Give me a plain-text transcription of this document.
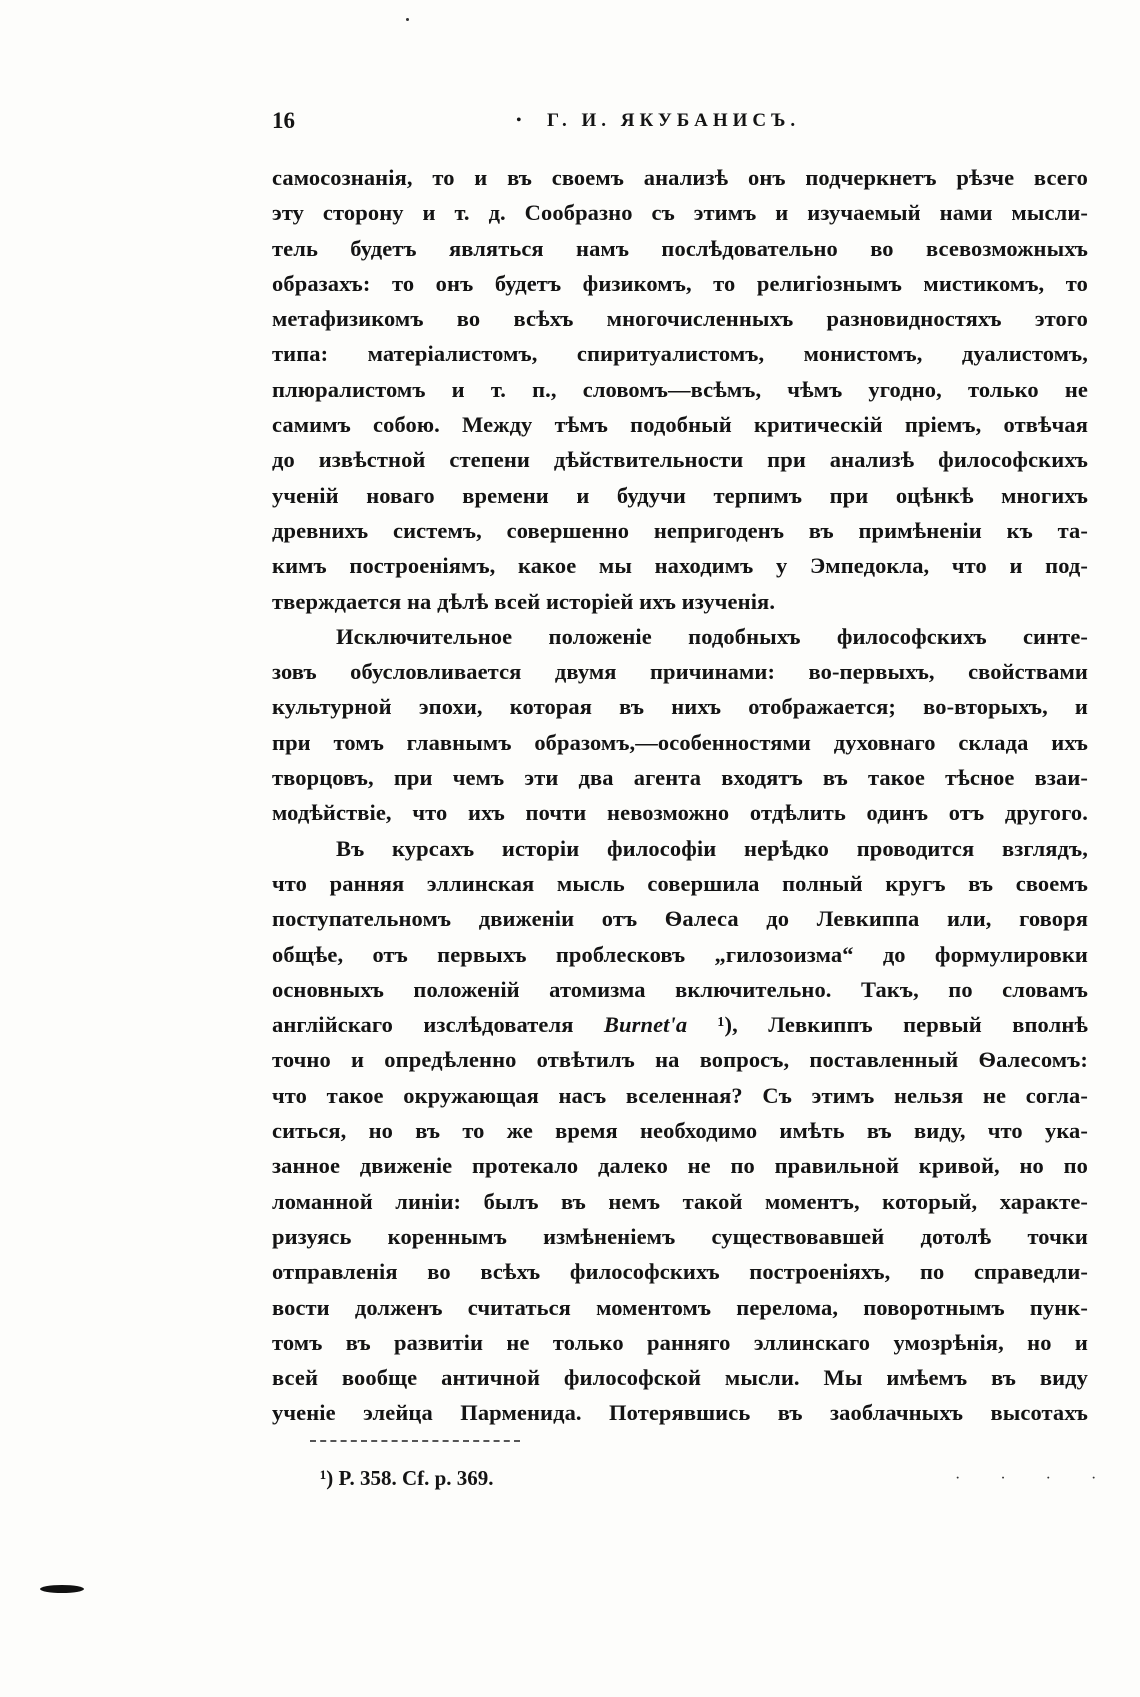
16	• Г. И. ЯКУБАНИСЪ.
самосознанія, то и въ своемъ анализѣ онъ подчеркнетъ рѣзче всего
эту сторону и т. д. Сообразно съ этимъ и изучаемый нами мысли-
тель будетъ являться намъ послѣдовательно во всевозможныхъ
образахъ: то онъ будетъ физикомъ, то религіознымъ мистикомъ, то
метафизикомъ во всѣхъ многочисленныхъ разновидностяхъ этого
типа: матеріалистомъ, спиритуалистомъ, монистомъ, дуалистомъ,
плюралистомъ и т. п., словомъ—всѣмъ, чѣмъ угодно, только не
самимъ собою. Между тѣмъ подобный критическій пріемъ, отвѣчая
до извѣстной степени дѣйствительности при анализѣ философскихъ
ученій новаго времени и будучи терпимъ при оцѣнкѣ многихъ
древнихъ системъ, совершенно непригоденъ въ примѣненіи къ та-
кимъ построеніямъ, какое мы находимъ у Эмпедокла, что и под-
тверждается на дѣлѣ всей исторіей ихъ изученія.
Исключительное положеніе подобныхъ философскихъ синте-
зовъ обусловливается двумя причинами: во-первыхъ, свойствами
культурной эпохи, которая въ нихъ отображается; во-вторыхъ, и
при томъ главнымъ образомъ,—особенностями духовнаго склада ихъ
творцовъ, при чемъ эти два агента входятъ въ такое тѣсное взаи-
модѣйствіе, что ихъ почти невозможно отдѣлить одинъ отъ другого.
Въ курсахъ исторіи философіи нерѣдко проводится взглядъ,
что ранняя эллинская мысль совершила полный кругъ въ своемъ
поступательномъ движеніи отъ Ѳалеса до Левкиппа или, говоря
общѣе, отъ первыхъ проблесковъ „гилозоизма“ до формулировки
основныхъ положеній атомизма включительно. Такъ, по словамъ
англійскаго изслѣдователя Burnet'a ¹), Левкиппъ первый вполнѣ
точно и опредѣленно отвѣтилъ на вопросъ, поставленный Ѳалесомъ:
что такое окружающая насъ вселенная? Съ этимъ нельзя не согла-
ситься, но въ то же время необходимо имѣть въ виду, что ука-
занное движеніе протекало далеко не по правильной кривой, но по
ломанной линіи: былъ въ немъ такой моментъ, который, характе-
ризуясь кореннымъ измѣненіемъ существовавшей дотолѣ точки
отправленія во всѣхъ философскихъ построеніяхъ, по справедли-
вости долженъ считаться моментомъ перелома, поворотнымъ пунк-
томъ въ развитіи не только ранняго эллинскаго умозрѣнія, но и
всей вообще античной философской мысли. Мы имѣемъ въ виду
ученіе элейца Парменида. Потерявшись въ заоблачныхъ высотахъ
¹) P. 358. Cf. p. 369.	· · · ·
